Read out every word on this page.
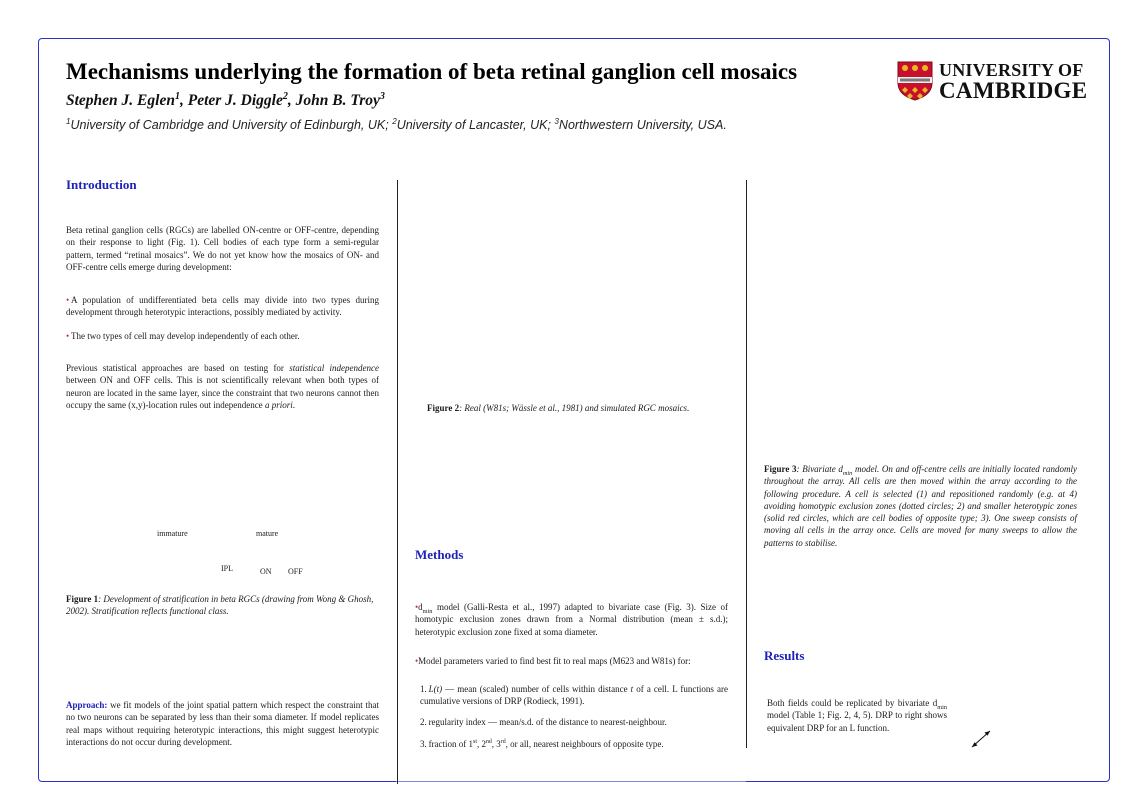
Mechanisms underlying the formation of beta retinal ganglion cell mosaics
Stephen J. Eglen$^1$, Peter J. Diggle$^2$, John B. Troy$^3$
$^1$University of Cambridge and University of Edinburgh, UK; $^2$University of Lancaster, UK; $^3$Northwestern University, USA.
UNIVERSITY OF
CAMBRIDGE
Introduction
Beta retinal ganglion cells (RGCs) are labelled ON-centre or OFF-centre, depending on their response to light (Fig. 1). Cell bodies of each type form a semi-regular pattern, termed “retinal mosaics”. We do not yet know how the mosaics of ON- and OFF-centre cells emerge during development:
•  A population of undifferentiated beta cells may divide into two types during development through heterotypic interactions, possibly mediated by activity.
•  The two types of cell may develop independently of each other.
Previous statistical approaches are based on testing for statistical independence between ON and OFF cells. This is not scientifically relevant when both types of neuron are located in the same layer, since the constraint that two neurons cannot then occupy the same (x,y)-location rules out independence a priori.
immature	mature
IPL	ON OFF
Figure 1: Development of stratification in beta RGCs (drawing from Wong & Ghosh, 2002). Stratification reflects functional class.
Approach: we fit models of the joint spatial pattern which respect the constraint that no two neurons can be separated by less than their soma diameter. If model replicates real maps without requiring heterotypic interactions, this might suggest heterotypic interactions do not occur during development.
Figure 2: Real (W81s; Wässle et al., 1981) and simulated RGC mosaics.
Methods
$•d_{min}$ model (Galli-Resta et al., 1997) adapted to bivariate case (Fig. 3). Size of homotypic exclusion zones drawn from a Normal distribution (mean ± s.d.); heterotypic exclusion zone fixed at soma diameter.
•Model parameters varied to find best fit to real maps (M623 and W81s) for:
1.  L(t) — mean (scaled) number of cells within distance t of a cell. L functions are cumulative versions of DRP (Rodieck, 1991).
2.  regularity index — mean/s.d. of the distance to nearest-neighbour.
3.  fraction of 1st, 2nd, 3rd, or all, nearest neighbours of opposite type.
Figure 3: Bivariate $d_{min}$ model. On and off-centre cells are initially located randomly throughout the array. All cells are then moved within the array according to the following procedure. A cell is selected (1) and repositioned randomly (e.g. at 4) avoiding homotypic exclusion zones (dotted circles; 2) and smaller heterotypic zones (solid red circles, which are cell bodies of opposite type; 3). One sweep consists of moving all cells in the array once. Cells are moved for many sweeps to allow the patterns to stabilise.
Results
Both fields could be replicated by bivariate $d_{min}$ model (Table 1; Fig. 2, 4, 5). DRP to right shows equivalent DRP for an L function.
